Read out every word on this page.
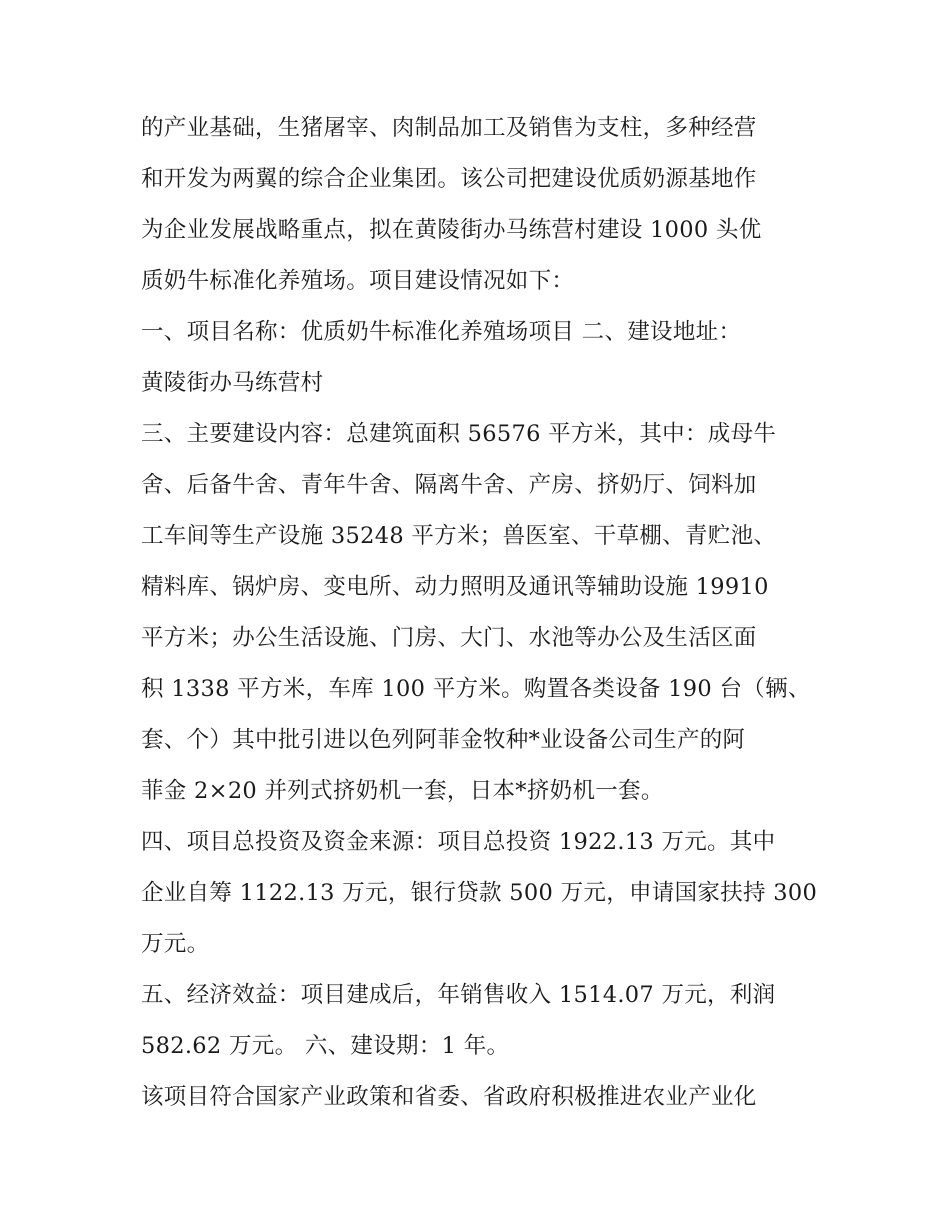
的产业基础，生猪屠宰、肉制品加工及销售为支柱，多种经营
和开发为两翼的综合企业集团。该公司把建设优质奶源基地作
为企业发展战略重点，拟在黄陵街办马练营村建设 1000 头优
质奶牛标准化养殖场。项目建设情况如下：
一、项目名称：优质奶牛标准化养殖场项目 二、建设地址：
黄陵街办马练营村
三、主要建设内容：总建筑面积 56576 平方米，其中：成母牛
舍、后备牛舍、青年牛舍、隔离牛舍、产房、挤奶厅、饲料加
工车间等生产设施 35248 平方米；兽医室、干草棚、青贮池、
精料库、锅炉房、变电所、动力照明及通讯等辅助设施 19910
平方米；办公生活设施、门房、大门、水池等办公及生活区面
积 1338 平方米，车库 100 平方米。购置各类设备 190 台（辆、
套、个）其中批引进以色列阿菲金牧种*业设备公司生产的阿
菲金 2×20 并列式挤奶机一套，日本*挤奶机一套。
四、项目总投资及资金来源：项目总投资 1922.13 万元。其中
企业自筹 1122.13 万元，银行贷款 500 万元，申请国家扶持 300
万元。
五、经济效益：项目建成后，年销售收入 1514.07 万元，利润
582.62 万元。 六、建设期：1 年。
该项目符合国家产业政策和省委、省政府积极推进农业产业化
